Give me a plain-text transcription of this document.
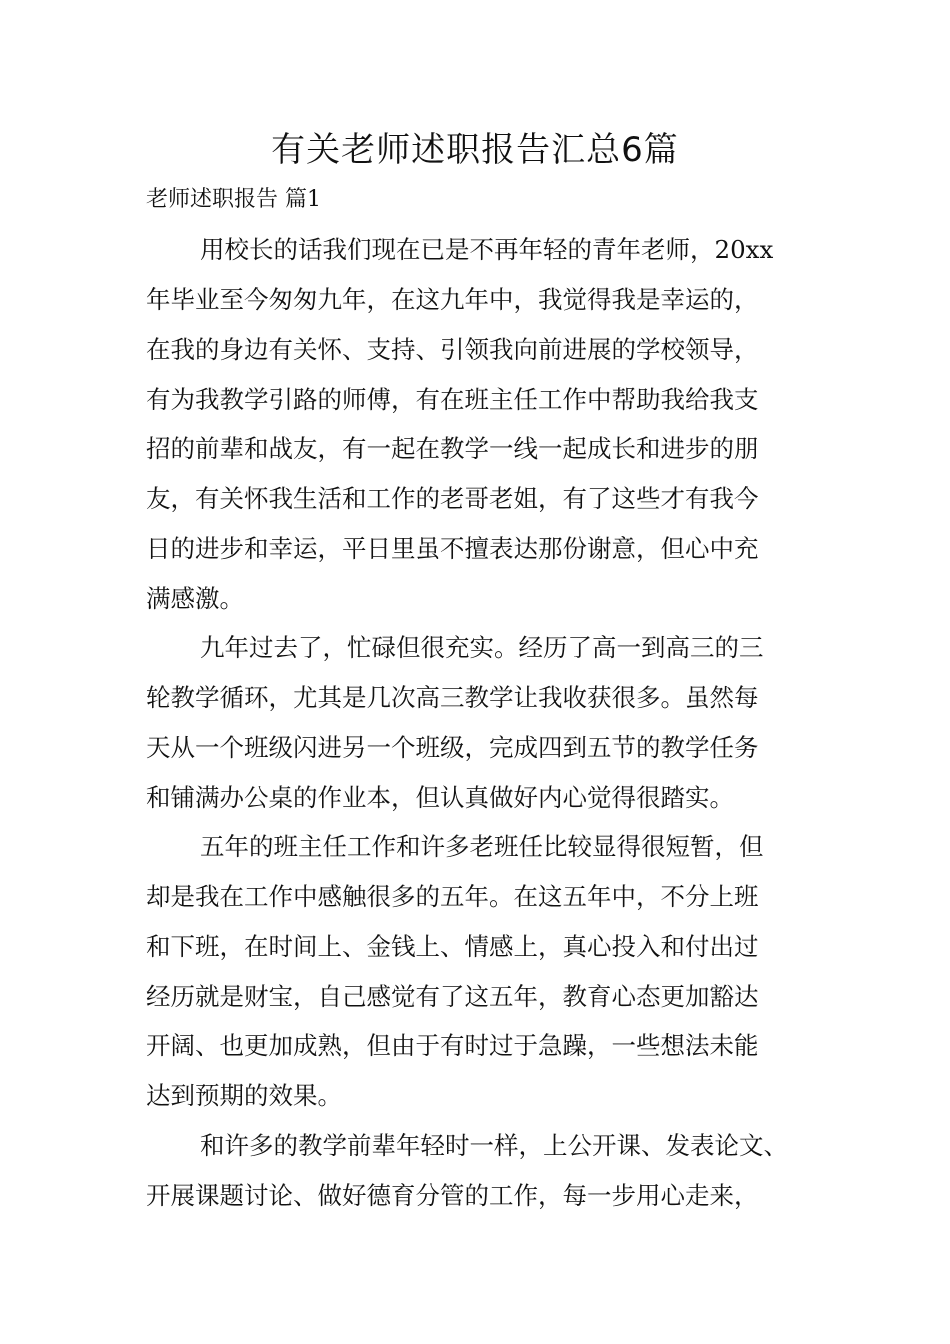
有关老师述职报告汇总6篇
老师述职报告 篇1
用校长的话我们现在已是不再年轻的青年老师，20xx
年毕业至今匆匆九年，在这九年中，我觉得我是幸运的，
在我的身边有关怀、支持、引领我向前进展的学校领导，
有为我教学引路的师傅，有在班主任工作中帮助我给我支
招的前辈和战友，有一起在教学一线一起成长和进步的朋
友，有关怀我生活和工作的老哥老姐，有了这些才有我今
日的进步和幸运，平日里虽不擅表达那份谢意，但心中充
满感激。
九年过去了，忙碌但很充实。经历了高一到高三的三
轮教学循环，尤其是几次高三教学让我收获很多。虽然每
天从一个班级闪进另一个班级，完成四到五节的教学任务
和铺满办公桌的作业本，但认真做好内心觉得很踏实。
五年的班主任工作和许多老班任比较显得很短暂，但
却是我在工作中感触很多的五年。在这五年中，不分上班
和下班，在时间上、金钱上、情感上，真心投入和付出过
经历就是财宝，自己感觉有了这五年，教育心态更加豁达
开阔、也更加成熟，但由于有时过于急躁，一些想法未能
达到预期的效果。
和许多的教学前辈年轻时一样，上公开课、发表论文、
开展课题讨论、做好德育分管的工作，每一步用心走来，
